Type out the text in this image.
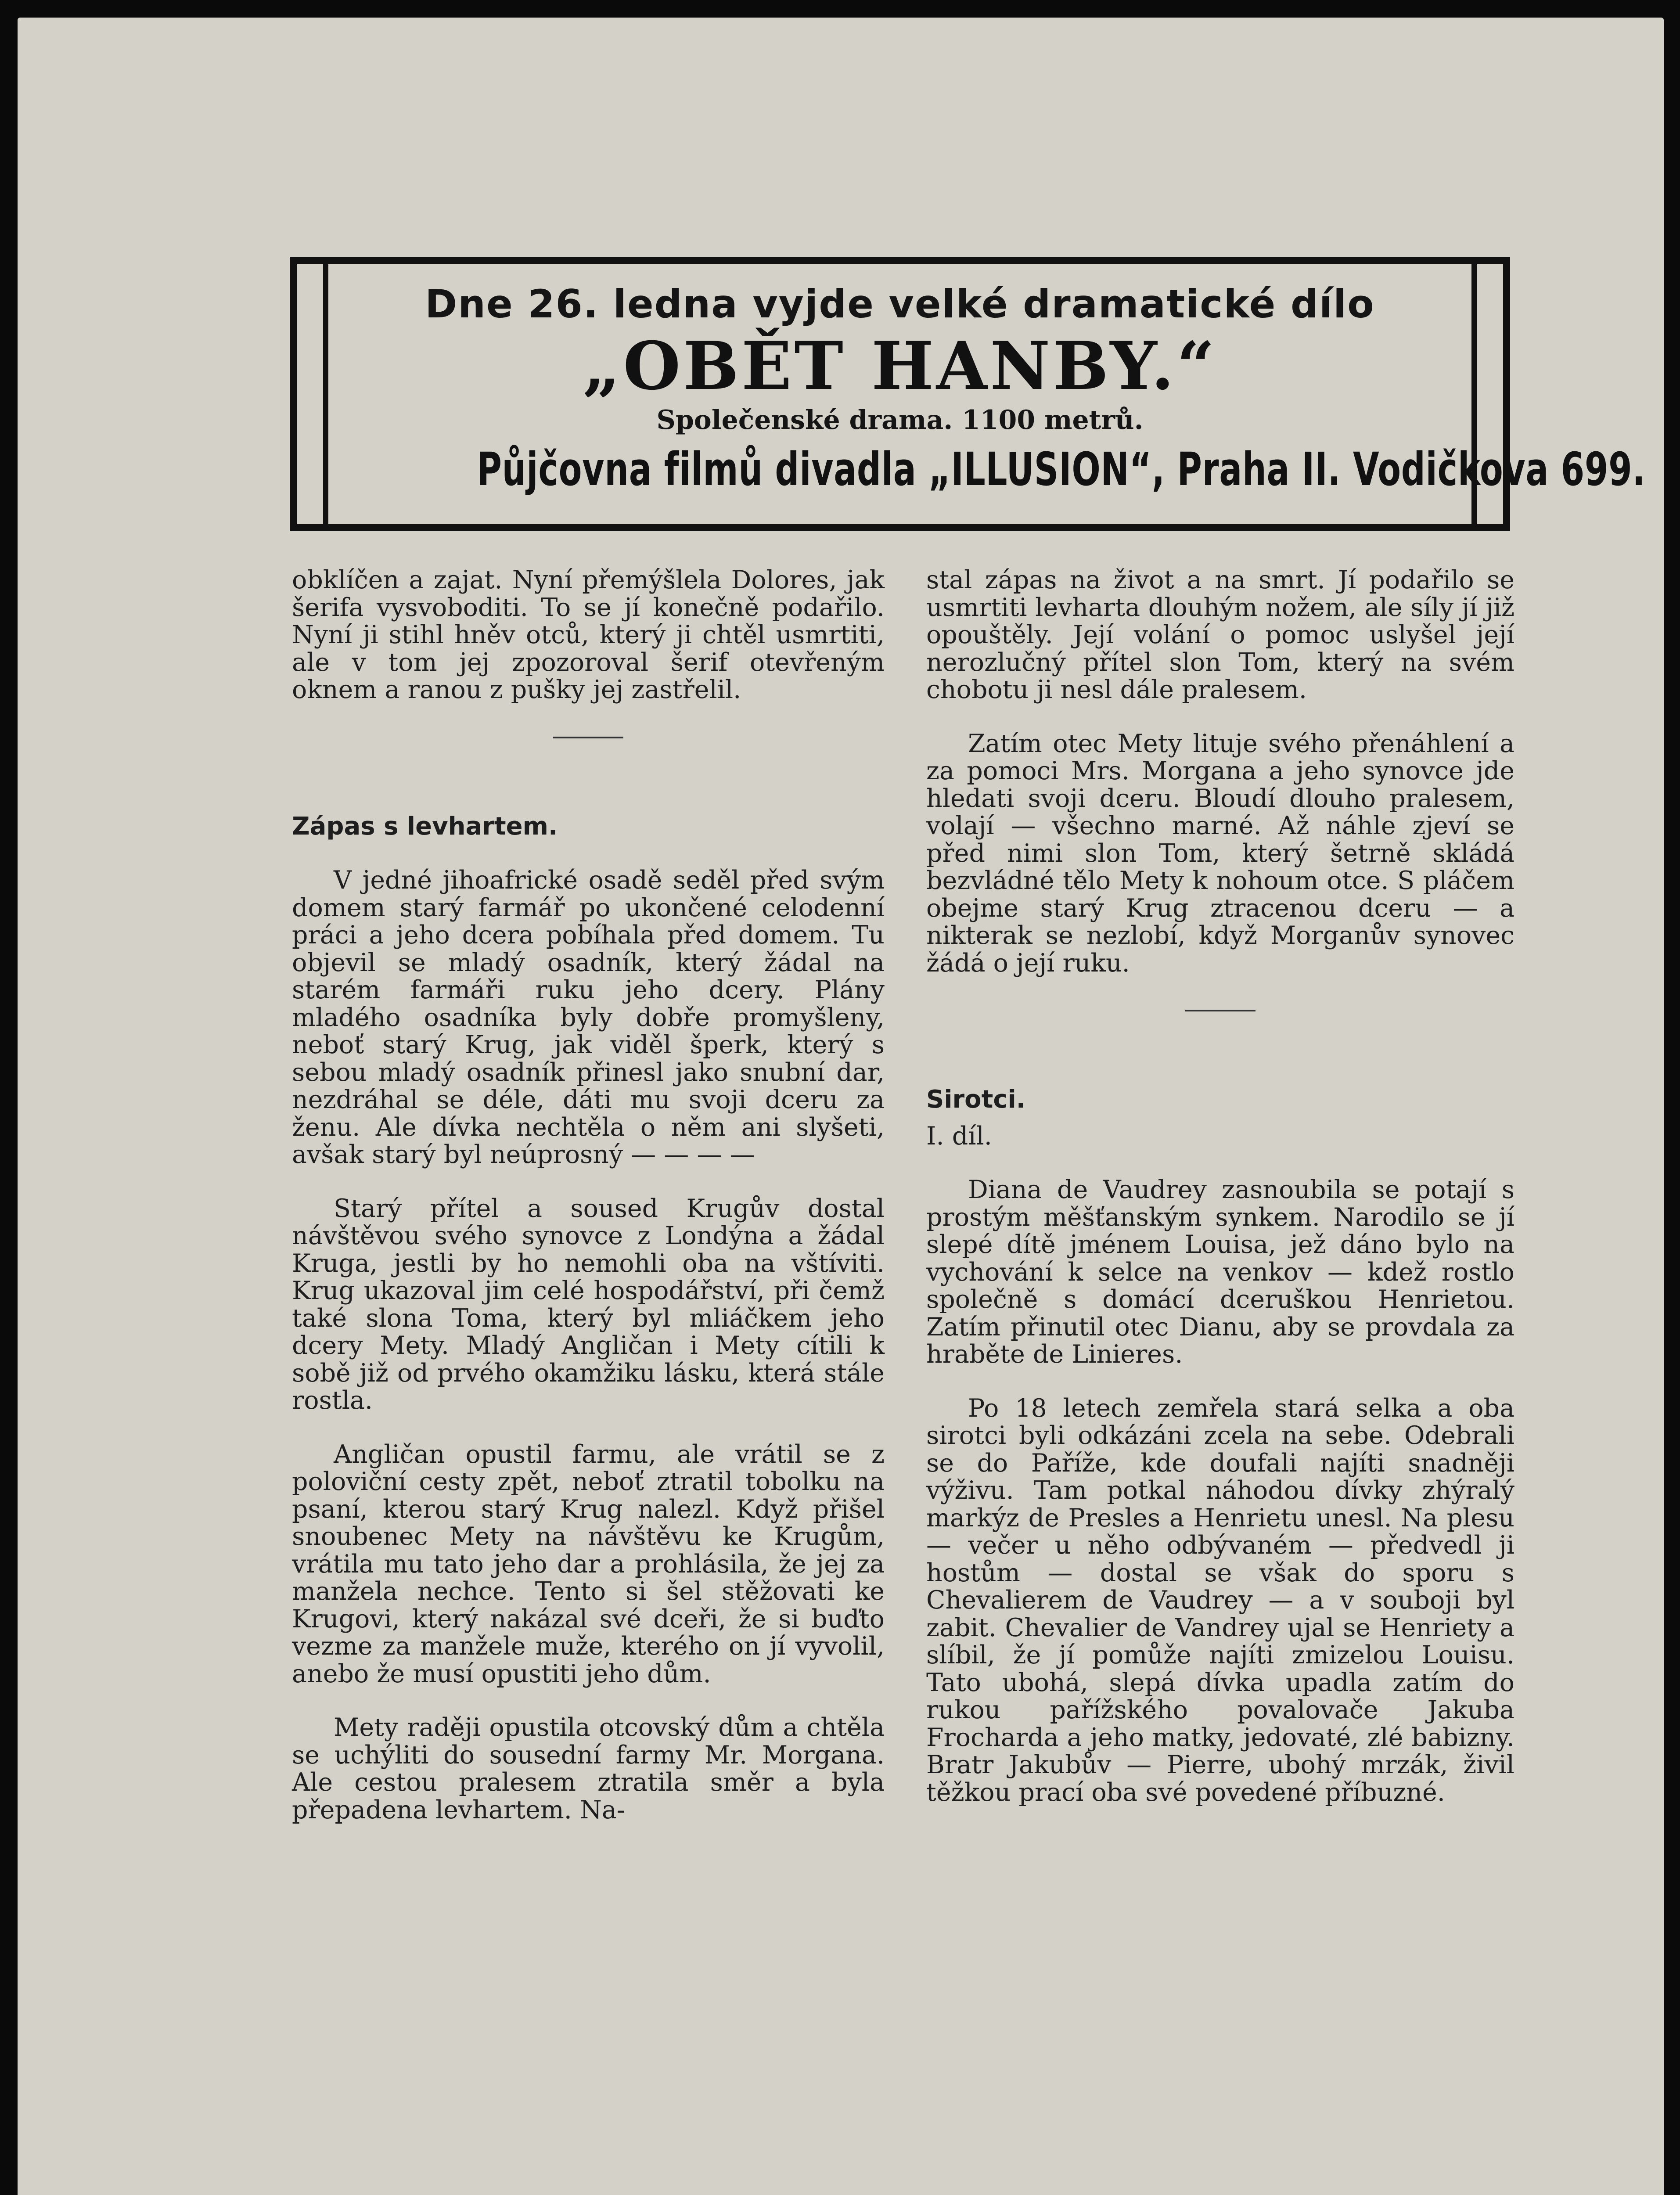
Dne 26. ledna vyjde velké dramatické dílo
„OBĚT HANBY.“
Společenské drama. 1100 metrů.
Půjčovna filmů divadla „ILLUSION“, Praha II. Vodičkova 699.

obklíčen a zajat. Nyní přemýšlela Dolores, jak šerifa vysvoboditi. To se jí konečně podařilo. Nyní ji stihl hněv otců, který ji chtěl usmrtiti, ale v tom jej zpozoroval šerif otevřeným oknem a ranou z pušky jej zastřelil.

Zápas s levhartem.

V jedné jihoafrické osadě seděl před svým domem starý farmář po ukončené celodenní práci a jeho dcera pobíhala před domem. Tu objevil se mladý osadník, který žádal na starém farmáři ruku jeho dcery. Plány mladého osadníka byly dobře promyšleny, neboť starý Krug, jak viděl šperk, který s sebou mladý osadník přinesl jako snubní dar, nezdráhal se déle, dáti mu svoji dceru za ženu. Ale dívka nechtěla o něm ani slyšeti, avšak starý byl neúprosný — — — —

Starý přítel a soused Krugův dostal návštěvou svého synovce z Londýna a žádal Kruga, jestli by ho nemohli oba na vštíviti. Krug ukazoval jim celé hospodářství, při čemž také slona Toma, který byl mliáčkem jeho dcery Mety. Mladý Angličan i Mety cítili k sobě již od prvého okamžiku lásku, která stále rostla.

Angličan opustil farmu, ale vrátil se z poloviční cesty zpět, neboť ztratil tobolku na psaní, kterou starý Krug nalezl. Když přišel snoubenec Mety na návštěvu ke Krugům, vrátila mu tato jeho dar a prohlásila, že jej za manžela nechce. Tento si šel stěžovati ke Krugovi, který nakázal své dceři, že si buďto vezme za manžele muže, kterého on jí vyvolil, anebo že musí opustiti jeho dům.

Mety raději opustila otcovský dům a chtěla se uchýliti do sousední farmy Mr. Morgana. Ale cestou pralesem ztratila směr a byla přepadena levhartem. Na-

stal zápas na život a na smrt. Jí podařilo se usmrtiti levharta dlouhým nožem, ale síly jí již opouštěly. Její volání o pomoc uslyšel její nerozlučný přítel slon Tom, který na svém chobotu ji nesl dále pralesem.

Zatím otec Mety lituje svého přenáhlení a za pomoci Mrs. Morgana a jeho synovce jde hledati svoji dceru. Bloudí dlouho pralesem, volají — všechno marné. Až náhle zjeví se před nimi slon Tom, který šetrně skládá bezvládné tělo Mety k nohoum otce. S pláčem obejme starý Krug ztracenou dceru — a nikterak se nezlobí, když Morganův synovec žádá o její ruku.

Sirotci.

I. díl.

Diana de Vaudrey zasnoubila se potají s prostým měšťanským synkem. Narodilo se jí slepé dítě jménem Louisa, jež dáno bylo na vychování k selce na venkov — kdež rostlo společně s domácí dceruškou Henrietou. Zatím přinutil otec Dianu, aby se provdala za hraběte de Linieres.

Po 18 letech zemřela stará selka a oba sirotci byli odkázáni zcela na sebe. Odebrali se do Paříže, kde doufali najíti snadněji výživu. Tam potkal náhodou dívky zhýralý markýz de Presles a Henrietu unesl. Na plesu — večer u něho odbývaném — předvedl ji hostům — dostal se však do sporu s Chevalierem de Vaudrey — a v souboji byl zabit. Chevalier de Vandrey ujal se Henriety a slíbil, že jí pomůže najíti zmizelou Louisu. Tato ubohá, slepá dívka upadla zatím do rukou pařížského povalovače Jakuba Frocharda a jeho matky, jedovaté, zlé babizny. Bratr Jakubův — Pierre, ubohý mrzák, živil těžkou prací oba své povedené příbuzné.
